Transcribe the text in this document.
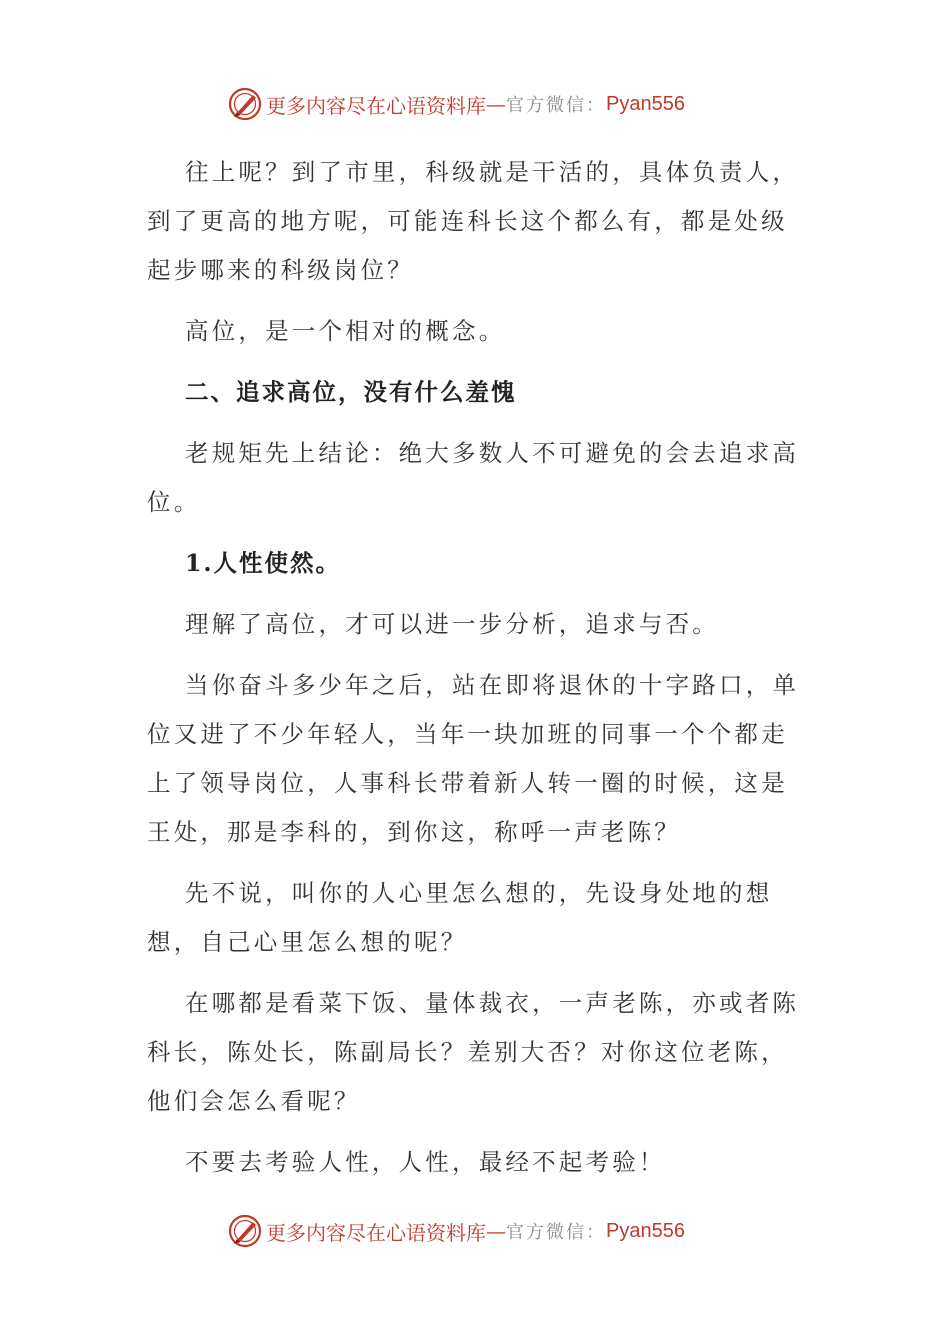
更多内容尽在心语资料库 — 官方微信： Pyan556

往上呢？到了市里，科级就是干活的，具体负责人，到了更高的地方呢，可能连科长这个都么有，都是处级起步哪来的科级岗位？

高位，是一个相对的概念。

二、追求高位，没有什么羞愧

老规矩先上结论：绝大多数人不可避免的会去追求高位。

1.人性使然。

理解了高位，才可以进一步分析，追求与否。

当你奋斗多少年之后，站在即将退休的十字路口，单位又进了不少年轻人，当年一块加班的同事一个个都走上了领导岗位，人事科长带着新人转一圈的时候，这是王处，那是李科的，到你这，称呼一声老陈？

先不说，叫你的人心里怎么想的，先设身处地的想想，自己心里怎么想的呢？

在哪都是看菜下饭、量体裁衣，一声老陈，亦或者陈科长，陈处长，陈副局长？差别大否？对你这位老陈，他们会怎么看呢？

不要去考验人性，人性，最经不起考验！

更多内容尽在心语资料库 — 官方微信： Pyan556
